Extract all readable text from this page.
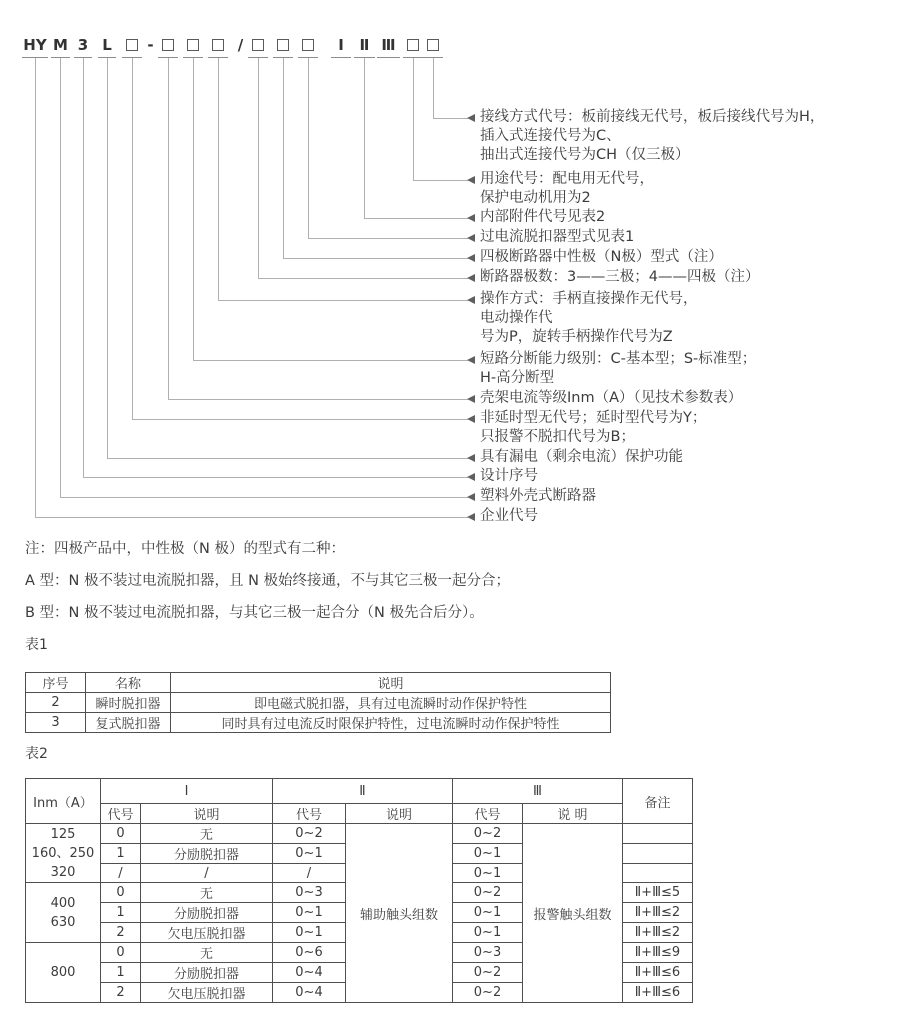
注：四极产品中，中性极（N 极）的型式有二种：
A 型：N 极不装过电流脱扣器，且 N 极始终接通，不与其它三极一起分合；
B 型：N 极不装过电流脱扣器，与其它三极一起合分（N 极先合后分）。
表1
表2
HY M 3 L -	/	Ⅰ	Ⅱ Ⅲ
接线方式代号：板前接线无代号，板后接线代号为H，
插入式连接代号为C、
抽出式连接代号为CH（仅三极）
用途代号：配电用无代号，
保护电动机用为2
内部附件代号见表2
过电流脱扣器型式见表1
四极断路器中性极（N极）型式（注）
断路器极数：3——三极；4——四极（注）
操作方式：手柄直接操作无代号，
电动操作代
号为P，旋转手柄操作代号为Z
短路分断能力级别：C-基本型；S-标准型；
H-高分断型
壳架电流等级Inm（A）（见技术参数表）
非延时型无代号；延时型代号为Y；
只报警不脱扣代号为B；
具有漏电（剩余电流）保护功能
设计序号
塑料外壳式断路器
企业代号
序号	名称	说明
2	瞬时脱扣器	即电磁式脱扣器，具有过电流瞬时动作保护特性
3	复式脱扣器	同时具有过电流反时限保护特性，过电流瞬时动作保护特性
Inm（A）	Ⅰ		Ⅱ		Ⅲ		备注
	代号	说明	代号	说明	代号	说 明	

125
160、250
320	0	无	0~2	辅助触头组数	0~2	报警触头组数	
	1	分励脱扣器	0~1		0~1		
	/	/	/		0~1		

400
630	0	无	0~3		0~2		Ⅱ+Ⅲ≤5
	1	分励脱扣器	0~1		0~1		Ⅱ+Ⅲ≤2
	2	欠电压脱扣器	0~1		0~1		Ⅱ+Ⅲ≤2

800	0	无	0~6		0~3		Ⅱ+Ⅲ≤9
	1	分励脱扣器	0~4		0~2		Ⅱ+Ⅲ≤6
	2	欠电压脱扣器	0~4		0~2		Ⅱ+Ⅲ≤6
